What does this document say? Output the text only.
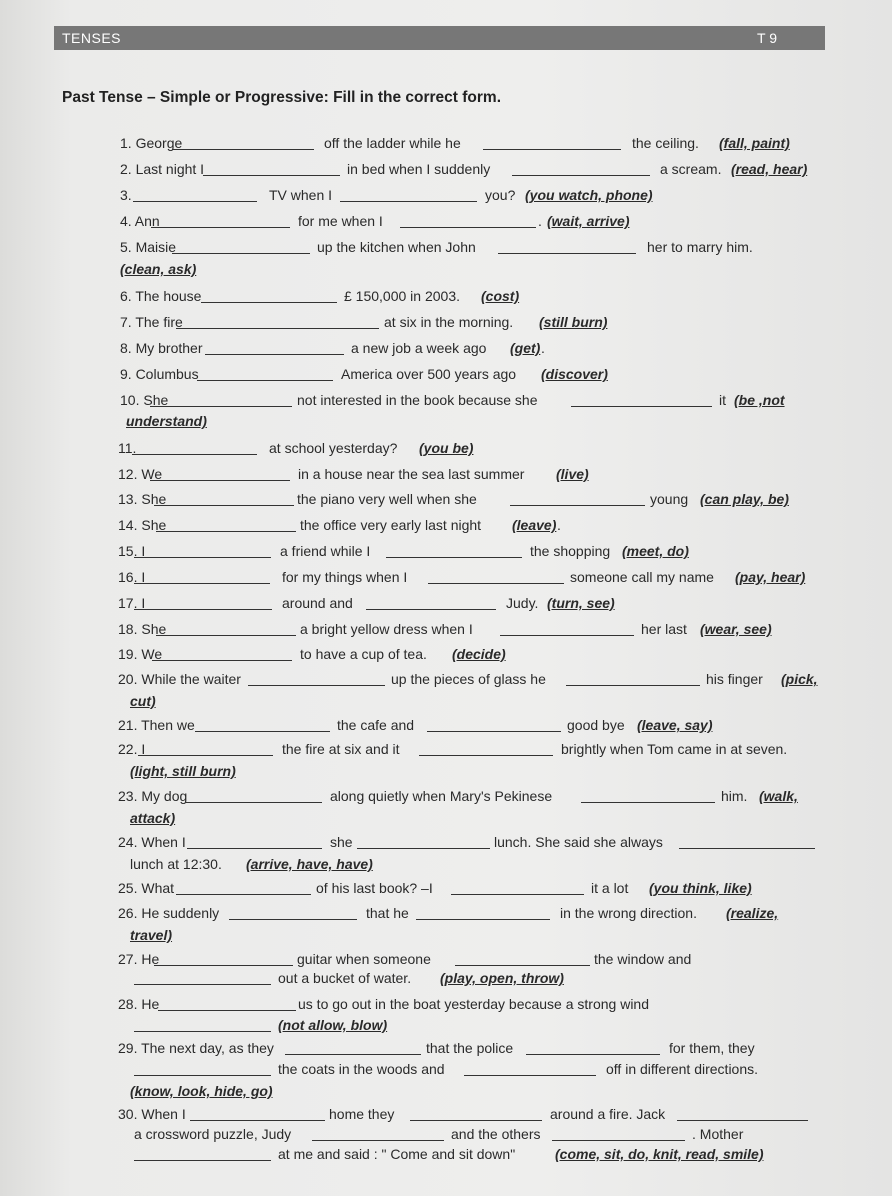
TENSES	T 9
Past Tense – Simple or Progressive: Fill in the correct form.
1. George	off the ladder while he	the ceiling. (fall, paint)
2. Last night I	in bed when I suddenly	a scream. (read, hear)
3.	TV when I	you? (you watch, phone)
4. Ann	for me when I	. (wait, arrive)
5. Maisie	up the kitchen when John	her to marry him.
(clean, ask)
6. The house	£ 150,000 in 2003. (cost)
7. The fire	at six in the morning. (still burn)
8. My brother	a new job a week ago (get) .
9. Columbus	America over 500 years ago (discover)
10. She	not interested in the book because she	it (be ,not
understand)
11.	at school yesterday? (you be)
12. We	in a house near the sea last summer (live)
13. She	the piano very well when she	young (can play, be)
14. She	the office very early last night (leave) .
15. I	a friend while I	the shopping (meet, do)
16. I	for my things when I	someone call my name (pay, hear)
17. I	around and	Judy. (turn, see)
18. She	a bright yellow dress when I	her last (wear, see)
19. We	to have a cup of tea. (decide)
20. While the waiter	up the pieces of glass he	his finger (pick,
cut)
21. Then we	the cafe and	good bye (leave, say)
22. I	the fire at six and it	brightly when Tom came in at seven.
(light, still burn)
23. My dog	along quietly when Mary's Pekinese	him. (walk,
attack)
24. When I	she	lunch. She said she always
lunch at 12:30. (arrive, have, have)
25. What	of his last book? –I	it a lot (you think, like)
26. He suddenly	that he	in the wrong direction. (realize,
travel)
27. He	guitar when someone	the window and
out a bucket of water. (play, open, throw)
28. He	us to go out in the boat yesterday because a strong wind
(not allow, blow)
29. The next day, as they	that the police	for them, they
the coats in the woods and	off in different directions.
(know, look, hide, go)
30. When I	home they	around a fire. Jack
a crossword puzzle, Judy	and the others	. Mother
at me and said : " Come and sit down"	(come, sit, do, knit, read, smile)
